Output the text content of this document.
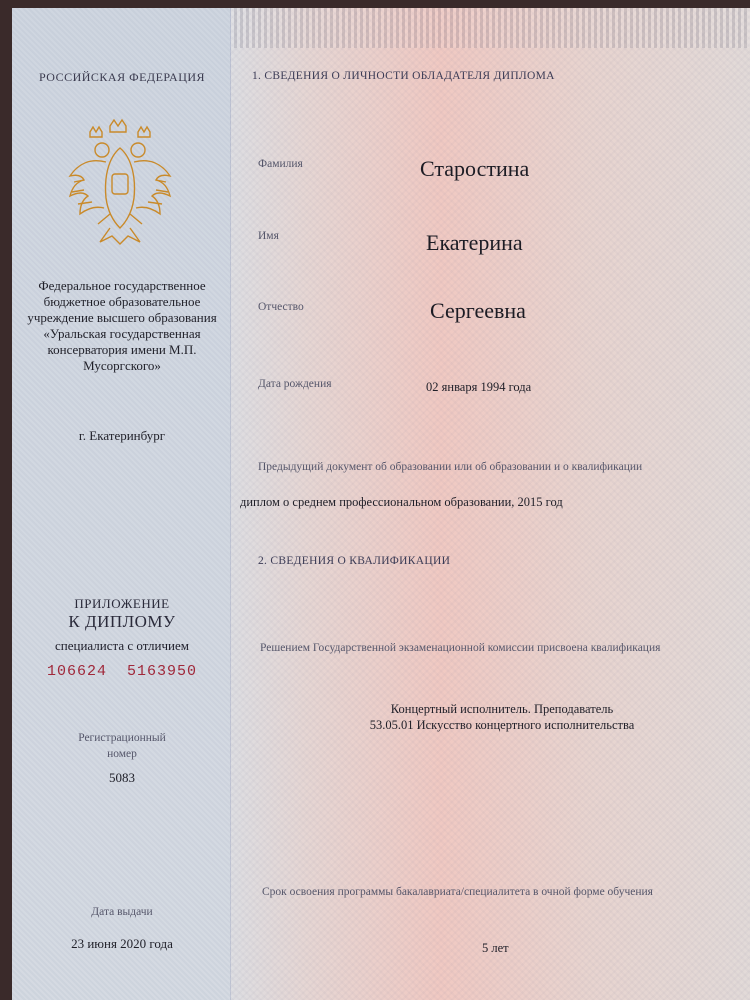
РОССИЙСКАЯ ФЕДЕРАЦИЯ
Федеральное государственное бюджетное образовательное учреждение высшего образования «Уральская государственная консерватория имени М.П. Мусоргского»
г. Екатеринбург
ПРИЛОЖЕНИЕ
К ДИПЛОМУ
специалиста с отличием
106624  5163950
Регистрационный номер
5083
Дата выдачи
23 июня 2020 года
1. СВЕДЕНИЯ О ЛИЧНОСТИ ОБЛАДАТЕЛЯ ДИПЛОМА
Фамилия	Старостина
Имя	Екатерина
Отчество	Сергеевна
Дата рождения	02 января 1994 года
Предыдущий документ об образовании или об образовании и о квалификации
диплом о среднем профессиональном образовании, 2015 год
2. СВЕДЕНИЯ О КВАЛИФИКАЦИИ
Решением Государственной экзаменационной комиссии присвоена квалификация
Концертный исполнитель. Преподаватель
53.05.01 Искусство концертного исполнительства
Срок освоения программы бакалавриата/специалитета в очной форме обучения
5 лет
